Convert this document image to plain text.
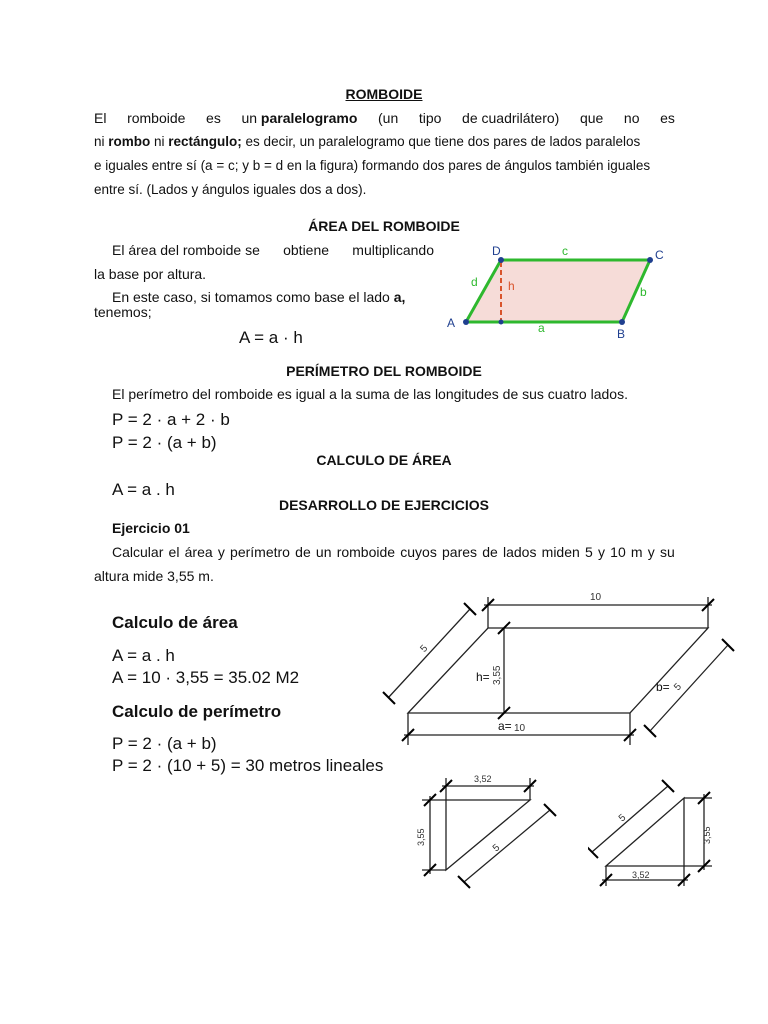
ROMBOIDE
El romboide es un paralelogramo (un tipo de cuadrilátero) que no es
ni rombo ni rectángulo; es decir, un paralelogramo que tiene dos pares de lados paralelos
e iguales entre sí (a = c; y b = d en la figura) formando dos pares de ángulos también iguales
entre sí. (Lados y ángulos iguales dos a dos).
ÁREA DEL ROMBOIDE
El área del romboide se obtiene multiplicando
la base por altura.
En este caso, si tomamos como base el lado a,
tenemos;
A = a · h
A
B
C
D
a
b
c
d	h
PERÍMETRO DEL ROMBOIDE
El perímetro del romboide es igual a la suma de las longitudes de sus cuatro lados.
P = 2 · a + 2 · b
P = 2 · (a + b)
CALCULO DE ÁREA
A = a . h
DESARROLLO DE EJERCICIOS
Ejercicio 01
Calcular el área y perímetro de un romboide cuyos pares de lados miden 5 y 10 m y su
altura mide 3,55 m.
Calculo de área
A = a . h
A = 10 · 3,55 = 35.02 M2
Calculo de perímetro
P = 2 · (a + b)
P = 2 · (10 + 5) = 30 metros lineales
10
5
h= 3,55
b= 5
a= 10
3,52
3,55
5
5
3,55
3,52
